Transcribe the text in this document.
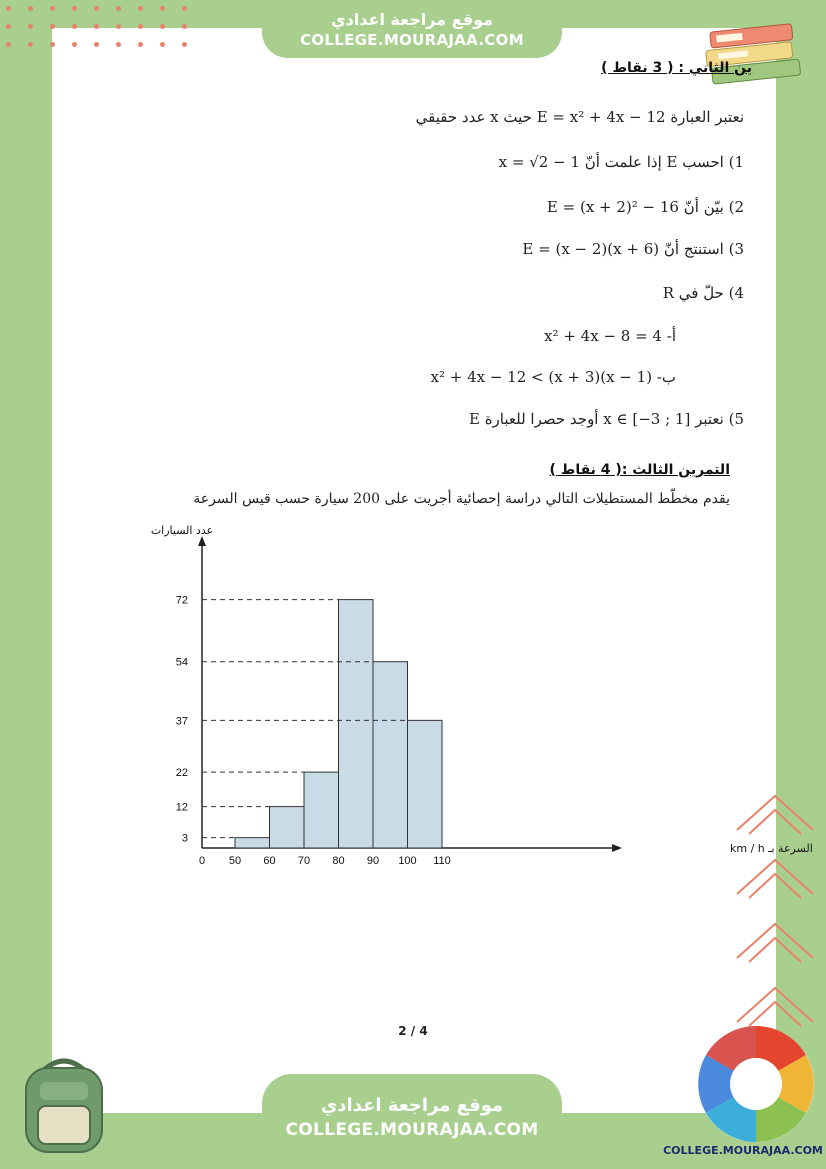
موقع مراجعة اعدادي
COLLEGE.MOURAJAA.COM
ين الثاني : ( 3 نقاط )
نعتبر العبارة E = x² + 4x − 12 حيث x عدد حقيقي
1) احسب E إذا علمت أنّ x = √2 − 1
2) بيّن أنّ E = (x + 2)² − 16
3) استنتج أنّ E = (x − 2)(x + 6)
4) حلّ في R
أ- x² + 4x − 8 = 4
ب- (x − 1)(x + 3) > x² + 4x − 12
5) نعتبر x ∈ [−3 ; 1] أوجد حصرا للعبارة E
التمرين الثالث :( 4 نقاط )
يقدم مخطّط المستطيلات التالي دراسة إحصائية أجريت على 200 سيارة حسب قيس السرعة
3
12
22
37
54
72
0 50 60 70 80 90 100 110
عدد السيارات
السرعة بـ km / h
2 / 4
موقع مراجعة اعدادي
COLLEGE.MOURAJAA.COM
COLLEGE.MOURAJAA.COM
